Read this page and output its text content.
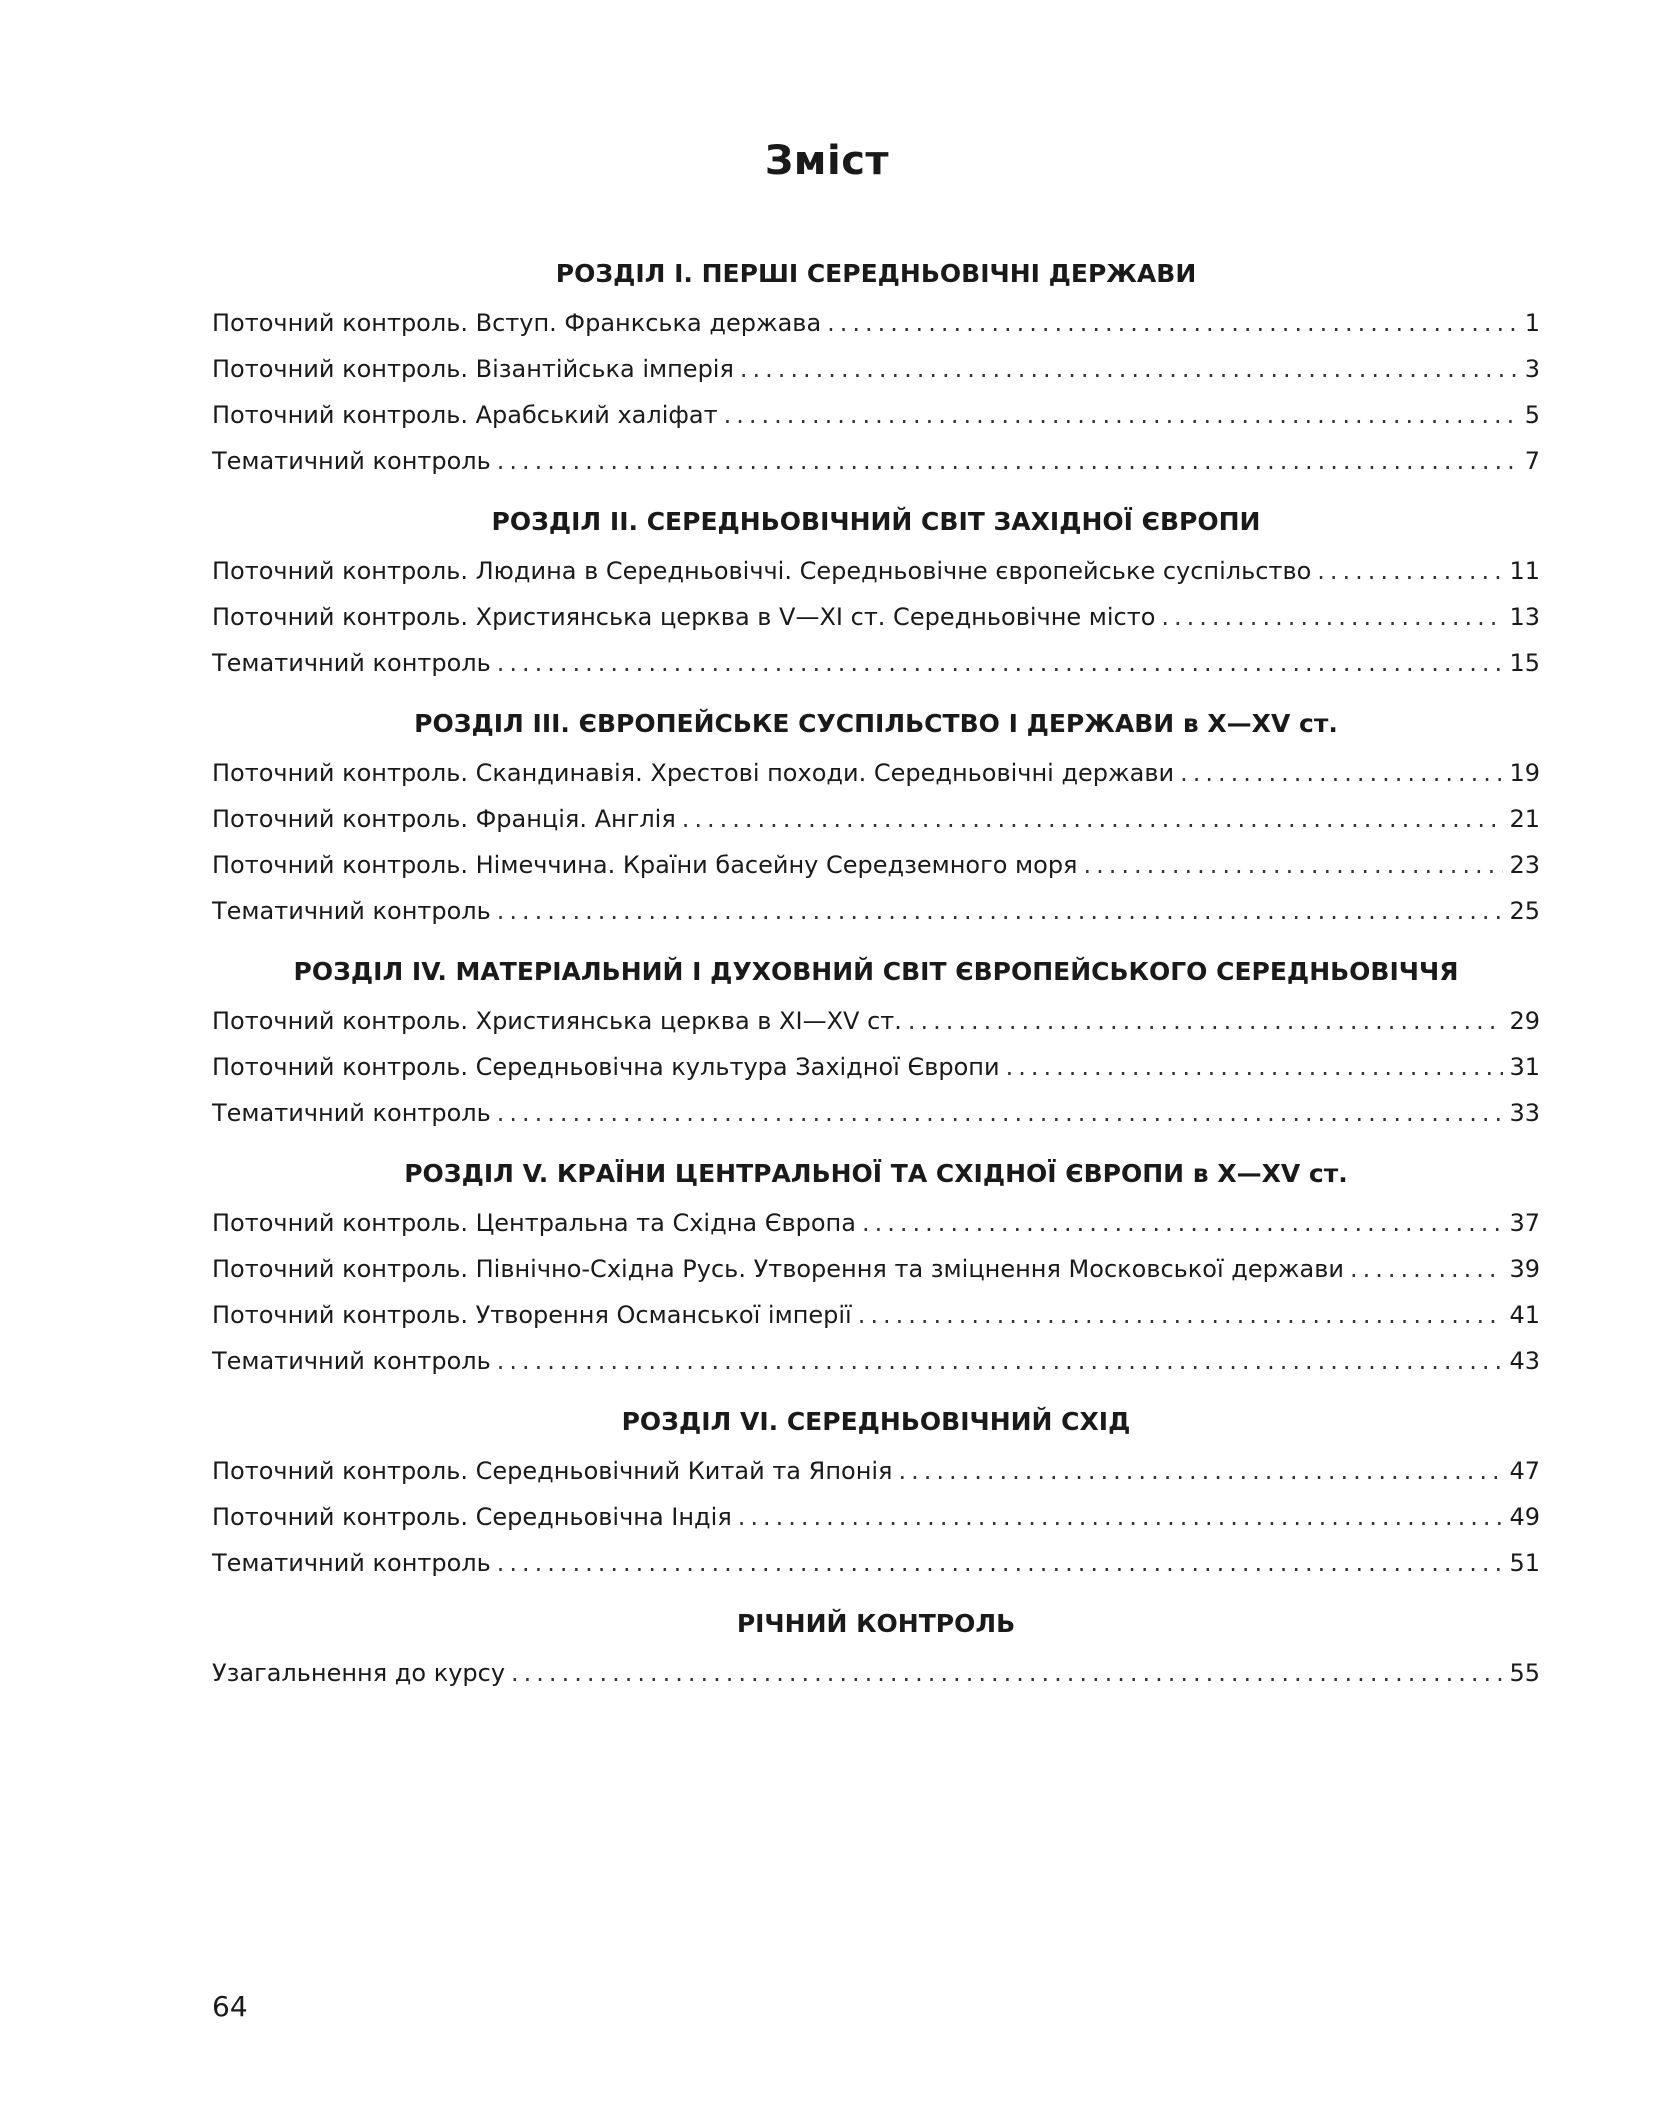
Зміст
РОЗДІЛ І. ПЕРШІ СЕРЕДНЬОВІЧНІ ДЕРЖАВИ
Поточний контроль. Вступ. Франкська держава .....	1
Поточний контроль. Візантійська імперія .....	3
Поточний контроль. Арабський халіфат .....	5
Тематичний контроль .....	7
РОЗДІЛ ІІ. СЕРЕДНЬОВІЧНИЙ СВІТ ЗАХІДНОЇ ЄВРОПИ
Поточний контроль. Людина в Середньовіччі. Середньовічне європейське суспільство .....	11
Поточний контроль. Християнська церква в V—XI ст. Середньовічне місто .....	13
Тематичний контроль .....	15
РОЗДІЛ ІІІ. ЄВРОПЕЙСЬКЕ СУСПІЛЬСТВО І ДЕРЖАВИ в X—XV ст.
Поточний контроль. Скандинавія. Хрестові походи. Середньовічні держави .....	19
Поточний контроль. Франція. Англія .....	21
Поточний контроль. Німеччина. Країни басейну Середземного моря .....	23
Тематичний контроль .....	25
РОЗДІЛ IV. МАТЕРІАЛЬНИЙ І ДУХОВНИЙ СВІТ ЄВРОПЕЙСЬКОГО СЕРЕДНЬОВІЧЧЯ
Поточний контроль. Християнська церква в XI—XV ст. .....	29
Поточний контроль. Середньовічна культура Західної Європи .....	31
Тематичний контроль .....	33
РОЗДІЛ V. КРАЇНИ ЦЕНТРАЛЬНОЇ ТА СХІДНОЇ ЄВРОПИ в X—XV ст.
Поточний контроль. Центральна та Східна Європа .....	37
Поточний контроль. Північно-Східна Русь. Утворення та зміцнення Московської держави .....	39
Поточний контроль. Утворення Османської імперії .....	41
Тематичний контроль .....	43
РОЗДІЛ VI. СЕРЕДНЬОВІЧНИЙ СХІД
Поточний контроль. Середньовічний Китай та Японія .....	47
Поточний контроль. Середньовічна Індія .....	49
Тематичний контроль .....	51
РІЧНИЙ КОНТРОЛЬ
Узагальнення до курсу .....	55
64
